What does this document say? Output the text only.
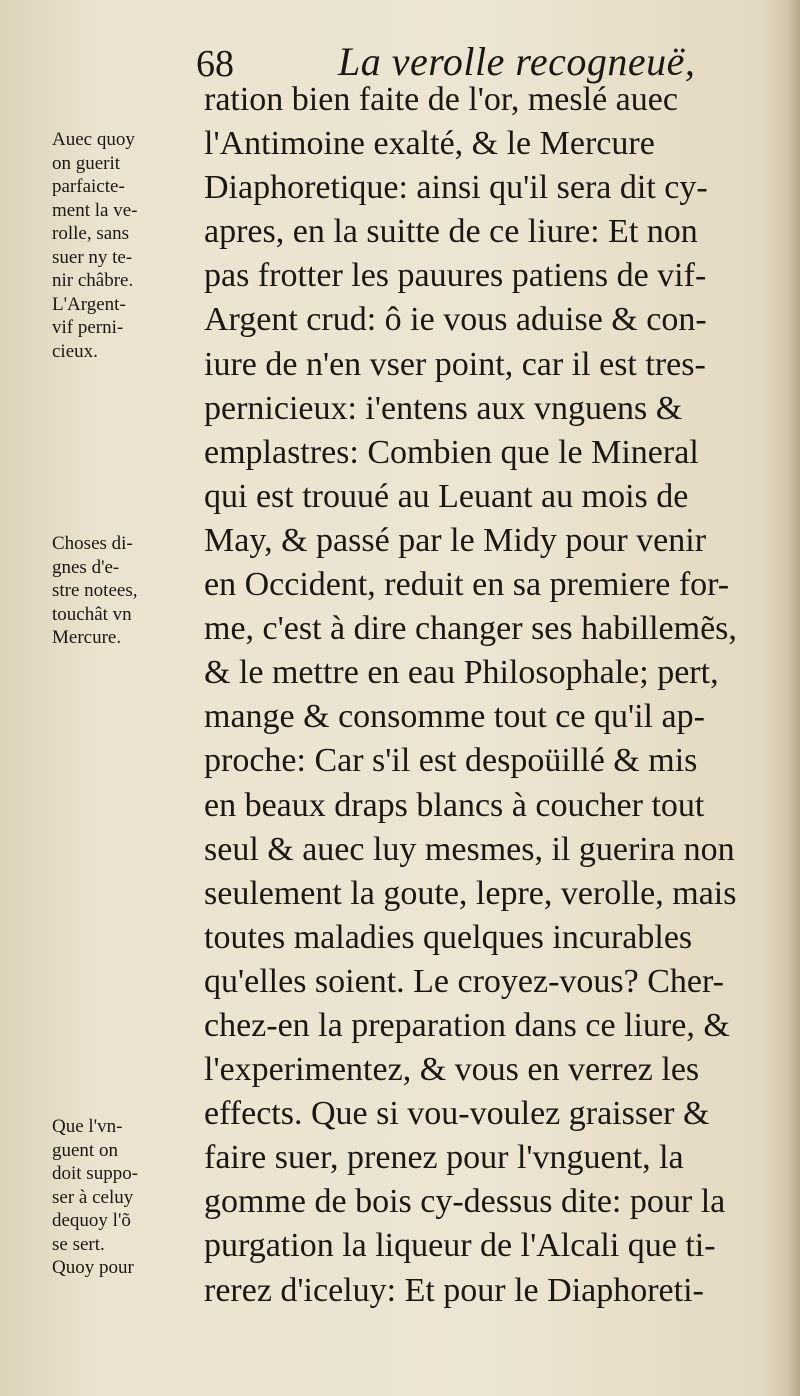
68	La verolle recogneuë,
Auec quoy
on guerit
parfaicte-
ment la ve-
rolle, sans
suer ny te-
nir châbre.
L'Argent-
vif perni-
cieux.
Choses di-
gnes d'e-
stre notees,
touchât vn
Mercure.
Que l'vn-
guent on
doit suppo-
ser à celuy
dequoy l'õ
se sert.
Quoy pour
ration bien faite de l'or, meslé auec
l'Antimoine exalté, & le Mercure
Diaphoretique: ainsi qu'il sera dit cy-
apres, en la suitte de ce liure: Et non
pas frotter les pauures patiens de vif-
Argent crud: ô ie vous aduise & con-
iure de n'en vser point, car il est tres-
pernicieux: i'entens aux vnguens &
emplastres: Combien que le Mineral
qui est trouué au Leuant au mois de
May, & passé par le Midy pour venir
en Occident, reduit en sa premiere for-
me, c'est à dire changer ses habillemẽs,
& le mettre en eau Philosophale; pert,
mange & consomme tout ce qu'il ap-
proche: Car s'il est despoüillé & mis
en beaux draps blancs à coucher tout
seul & auec luy mesmes, il guerira non
seulement la goute, lepre, verolle, mais
toutes maladies quelques incurables
qu'elles soient. Le croyez-vous? Cher-
chez-en la preparation dans ce liure, &
l'experimentez, & vous en verrez les
effects. Que si vou-voulez graisser &
faire suer, prenez pour l'vnguent, la
gomme de bois cy-dessus dite: pour la
purgation la liqueur de l'Alcali que ti-
rerez d'iceluy: Et pour le Diaphoreti-
